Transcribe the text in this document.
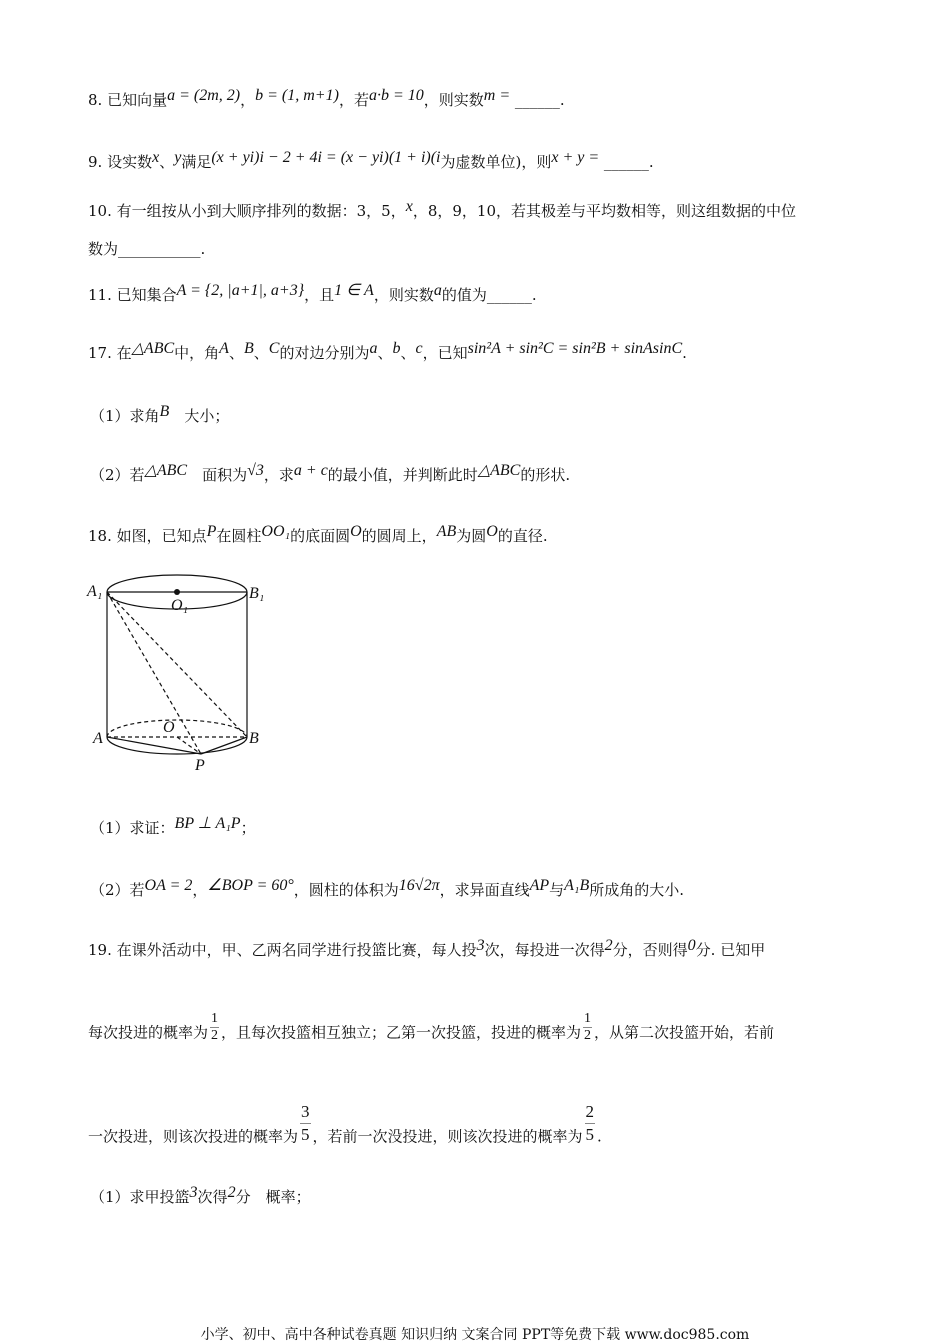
8. 已知向量a = (2m, 2)，b = (1, m+1)，若a·b = 10，则实数m = ______.
9. 设实数x、y满足(x + yi)i − 2 + 4i = (x − yi)(1 + i)(i为虚数单位)，则x + y = ______.
10. 有一组按从小到大顺序排列的数据：3，5，x，8，9，10，若其极差与平均数相等，则这组数据的中位
数为___________.
11. 已知集合A = {2, |a+1|, a+3}，且1 ∈ A，则实数a的值为______.
17. 在△ABC中，角A、B、C的对边分别为a、b、c，已知sin²A + sin²C = sin²B + sinAsinC.
（1）求角B　大小；
（2）若△ABC　面积为√3，求a + c的最小值，并判断此时△ABC的形状.
18. 如图，已知点P在圆柱OO₁的底面圆O的圆周上，AB为圆O的直径.
A₁	B₁
O₁
A	B
O
P
（1）求证：BP ⊥ A₁P；
（2）若OA = 2，∠BOP = 60°，圆柱的体积为16√2π，求异面直线AP与A₁B所成角的大小.
19. 在课外活动中，甲、乙两名同学进行投篮比赛，每人投3次，每投进一次得2分，否则得0分. 已知甲
每次投进的概率为 $\frac{1}{2}$ ，且每次投篮相互独立；乙第一次投篮，投进的概率为 $\frac{1}{2}$ ，从第二次投篮开始，若前
一次投进，则该次投进的概率为 $\frac{3}{5}$ ，若前一次没投进，则该次投进的概率为 $\frac{2}{5}$ .
（1）求甲投篮3次得2分　概率；
小学、初中、高中各种试卷真题 知识归纳 文案合同 PPT等免费下载 www.doc985.com
